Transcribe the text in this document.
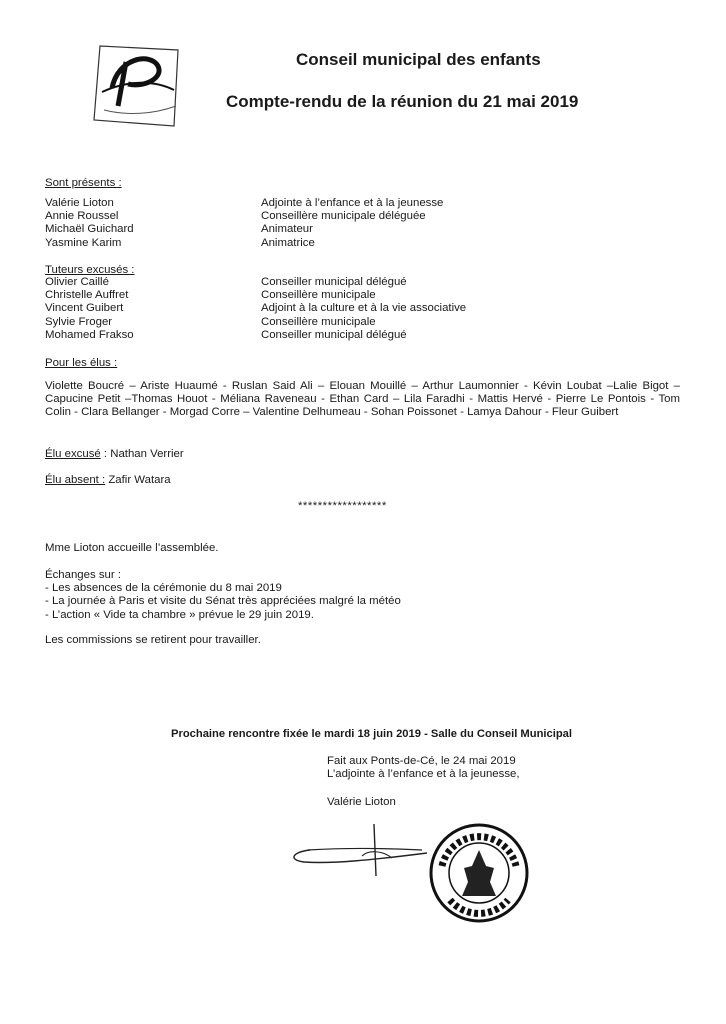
Conseil municipal des enfants
Compte-rendu de la réunion du 21 mai 2019
Sont présents :
Valérie Lioton	Adjointe à l’enfance et à la jeunesse
Annie Roussel	Conseillère municipale déléguée
Michaël Guichard	Animateur
Yasmine Karim	Animatrice
Tuteurs excusés :
Olivier Caillé	Conseiller municipal délégué
Christelle Auffret	Conseillère municipale
Vincent Guibert	Adjoint à la culture et à la vie associative
Sylvie Froger	Conseillère municipale
Mohamed Frakso	Conseiller municipal délégué
Pour les élus :
Violette Boucré – Ariste Huaumé - Ruslan Said Ali – Elouan Mouillé – Arthur Laumonnier - Kévin Loubat –Lalie Bigot – Capucine Petit –Thomas Houot - Méliana Raveneau - Ethan Card – Lila Faradhi - Mattis Hervé - Pierre Le Pontois - Tom Colin - Clara Bellanger - Morgad Corre – Valentine Delhumeau - Sohan Poissonet - Lamya Dahour - Fleur Guibert
Élu excusé : Nathan Verrier
Élu absent : Zafir Watara
******************
Mme Lioton accueille l’assemblée.
Échanges sur :
- Les absences de la cérémonie du 8 mai 2019
- La journée à Paris et visite du Sénat très appréciées malgré la météo
- L’action « Vide ta chambre » prévue le 29 juin 2019.
Les commissions se retirent pour travailler.
Prochaine rencontre fixée le mardi 18 juin 2019 - Salle du Conseil Municipal
Fait aux Ponts-de-Cé, le 24 mai 2019
L’adjointe à l’enfance et à la jeunesse,
Valérie Lioton
